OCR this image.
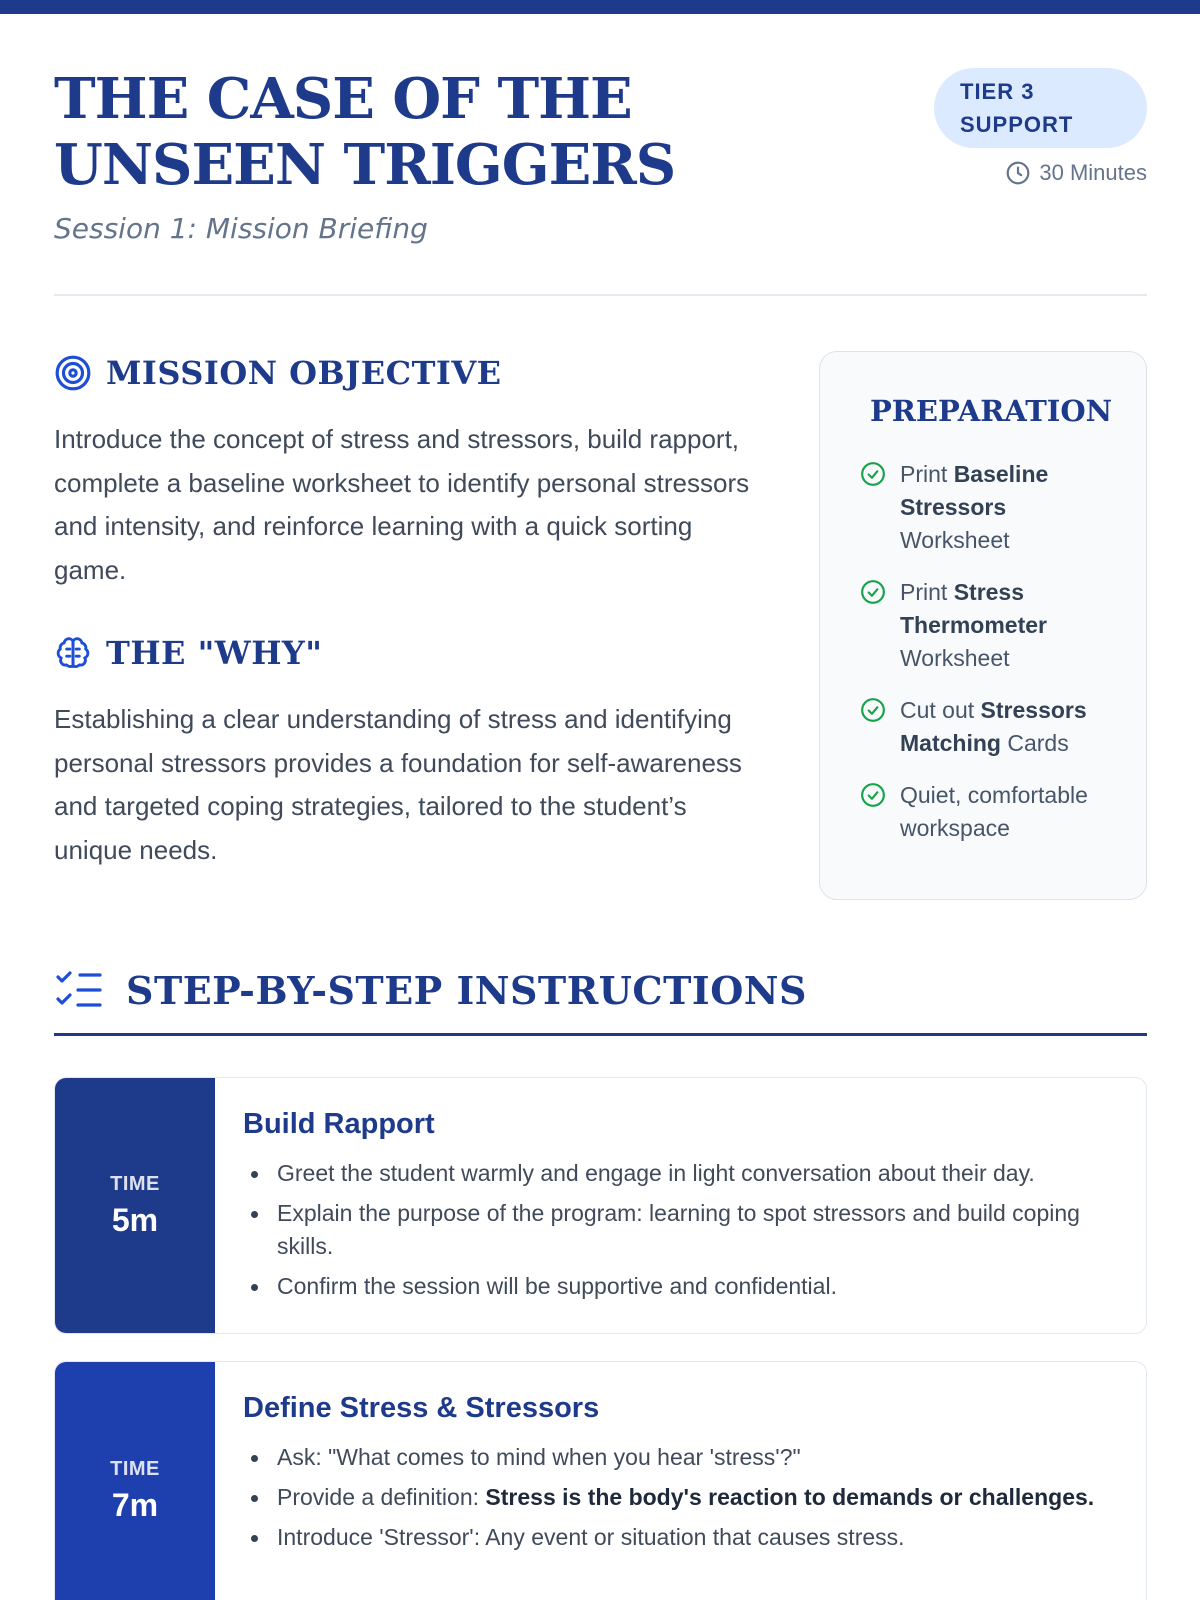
THE CASE OF THE UNSEEN TRIGGERS
Session 1: Mission Briefing
TIER 3 SUPPORT
30 Minutes
MISSION OBJECTIVE

Introduce the concept of stress and stressors, build rapport, complete a baseline worksheet to identify personal stressors and intensity, and reinforce learning with a quick sorting game.

THE "WHY"

Establishing a clear understanding of stress and identifying personal stressors provides a foundation for self-awareness and targeted coping strategies, tailored to the student’s unique needs.

PREPARATION
Print Baseline Stressors Worksheet
Print Stress Thermometer Worksheet
Cut out Stressors Matching Cards
Quiet, comfortable workspace
STEP-BY-STEP INSTRUCTIONS
TIME
5m
Build Rapport
Greet the student warmly and engage in light conversation about their day.
Explain the purpose of the program: learning to spot stressors and build coping skills.
Confirm the session will be supportive and confidential.
TIME
7m
Define Stress & Stressors
Ask: "What comes to mind when you hear 'stress'?"
Provide a definition: Stress is the body's reaction to demands or challenges.
Introduce 'Stressor': Any event or situation that causes stress.
